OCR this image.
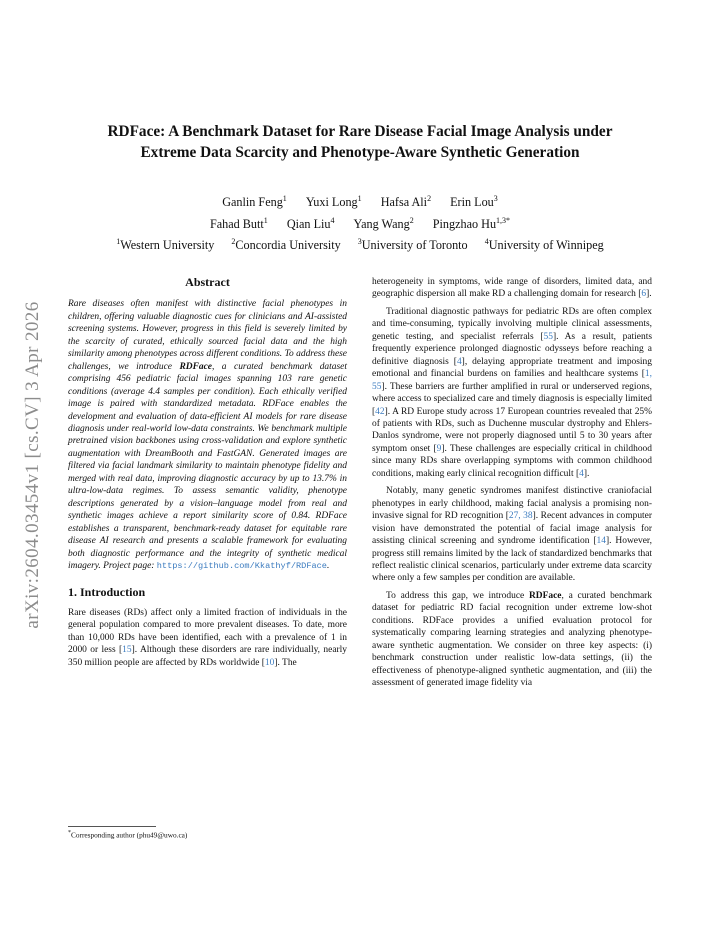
arXiv:2604.03454v1 [cs.CV] 3 Apr 2026
RDFace: A Benchmark Dataset for Rare Disease Facial Image Analysis under
Extreme Data Scarcity and Phenotype-Aware Synthetic Generation
Ganlin Feng$^1$ Yuxi Long$^1$ Hafsa Ali$^2$ Erin Lou$^3$
Fahad Butt$^1$ Qian Liu$^4$ Yang Wang$^2$ Pingzhao $Hu^{1,3*}$
$^1$Western University $^2$Concordia University $^3$University of Toronto $^4$University of Winnipeg
Abstract

Rare diseases often manifest with distinctive facial phenotypes in children, offering valuable diagnostic cues for clinicians and AI-assisted screening systems. However, progress in this field is severely limited by the scarcity of curated, ethically sourced facial data and the high similarity among phenotypes across different conditions. To address these challenges, we introduce RDFace, a curated benchmark dataset comprising 456 pediatric facial images spanning 103 rare genetic conditions (average 4.4 samples per condition). Each ethically verified image is paired with standardized metadata. RDFace enables the development and evaluation of data-efficient AI models for rare disease diagnosis under real-world low-data constraints. We benchmark multiple pretrained vision backbones using cross-validation and explore synthetic augmentation with DreamBooth and FastGAN. Generated images are filtered via facial landmark similarity to maintain phenotype fidelity and merged with real data, improving diagnostic accuracy by up to 13.7% in ultra-low-data regimes. To assess semantic validity, phenotype descriptions generated by a vision–language model from real and synthetic images achieve a report similarity score of 0.84. RDFace establishes a transparent, benchmark-ready dataset for equitable rare disease AI research and presents a scalable framework for evaluating both diagnostic performance and the integrity of synthetic medical imagery. Project page: https://github.com/Kkathyf/RDFace.

1. Introduction

Rare diseases (RDs) affect only a limited fraction of individuals in the general population compared to more prevalent diseases. To date, more than 10,000 RDs have been identified, each with a prevalence of 1 in 2000 or less [15]. Although these disorders are rare individually, nearly 350 million people are affected by RDs worldwide [10]. The

*Corresponding author (phu49@uwo.ca)

heterogeneity in symptoms, wide range of disorders, limited data, and geographic dispersion all make RD a challenging domain for research [6].

Traditional diagnostic pathways for pediatric RDs are often complex and time-consuming, typically involving multiple clinical assessments, genetic testing, and specialist referrals [55]. As a result, patients frequently experience prolonged diagnostic odysseys before reaching a definitive diagnosis [4], delaying appropriate treatment and imposing emotional and financial burdens on families and healthcare systems [1, 55]. These barriers are further amplified in rural or underserved regions, where access to specialized care and timely diagnosis is especially limited [42]. A RD Europe study across 17 European countries revealed that 25% of patients with RDs, such as Duchenne muscular dystrophy and Ehlers-Danlos syndrome, were not properly diagnosed until 5 to 30 years after symptom onset [9]. These challenges are especially critical in childhood since many RDs share overlapping symptoms with common childhood conditions, making early clinical recognition difficult [4].

Notably, many genetic syndromes manifest distinctive craniofacial phenotypes in early childhood, making facial analysis a promising non-invasive signal for RD recognition [27, 38]. Recent advances in computer vision have demonstrated the potential of facial image analysis for assisting clinical screening and syndrome identification [14]. However, progress still remains limited by the lack of standardized benchmarks that reflect realistic clinical scenarios, particularly under extreme data scarcity where only a few samples per condition are available.

To address this gap, we introduce RDFace, a curated benchmark dataset for pediatric RD facial recognition under extreme low-shot conditions. RDFace provides a unified evaluation protocol for systematically comparing learning strategies and analyzing phenotype-aware synthetic augmentation. We consider on three key aspects: (i) benchmark construction under realistic low-data settings, (ii) the effectiveness of phenotype-aligned synthetic augmentation, and (iii) the assessment of generated image fidelity via
